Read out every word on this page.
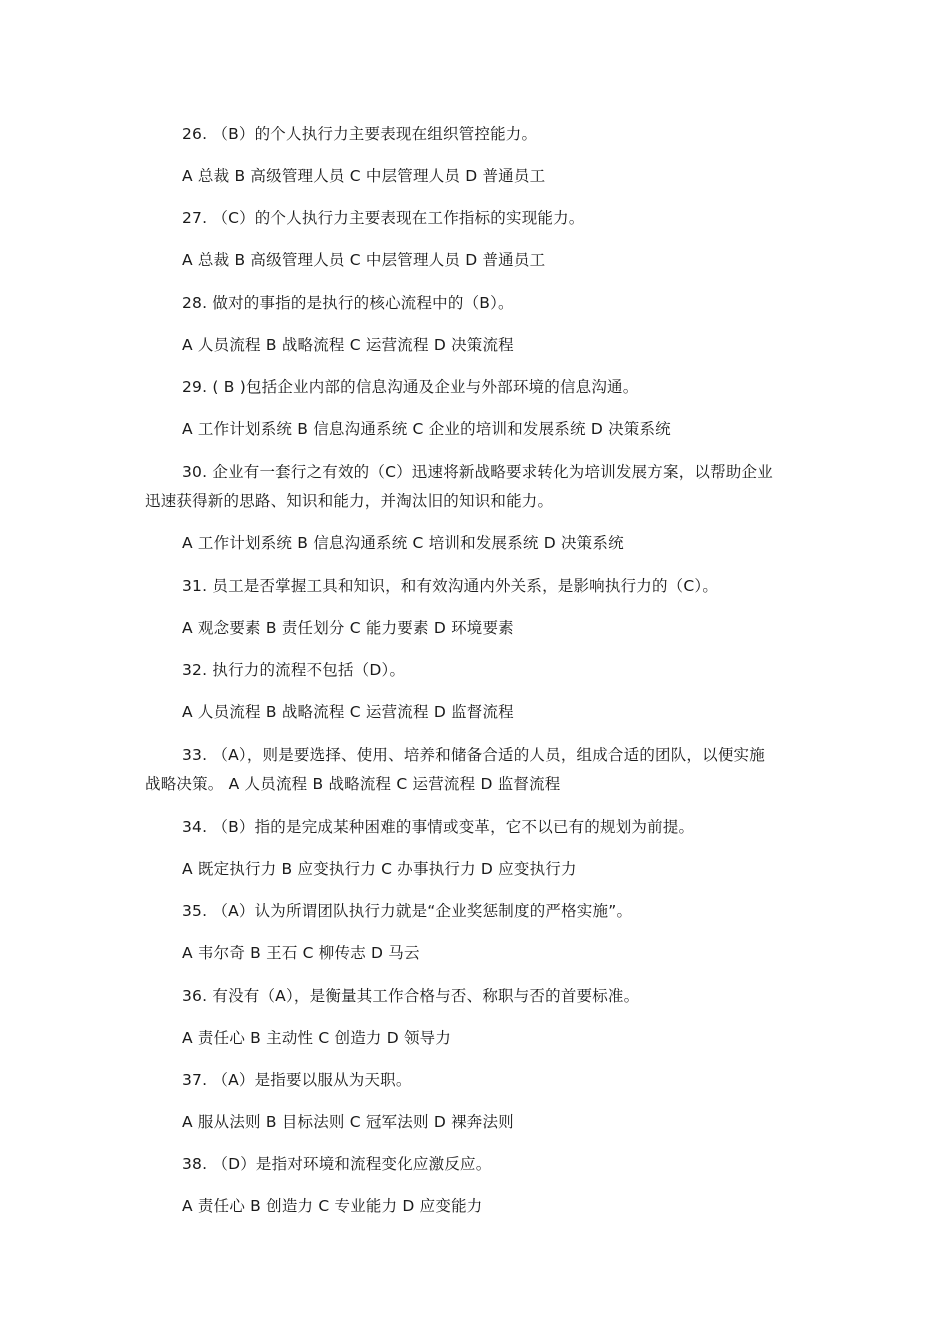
26. （B）的个人执行力主要表现在组织管控能力。
A 总裁 B 高级管理人员 C 中层管理人员 D 普通员工
27. （C）的个人执行力主要表现在工作指标的实现能力。
A 总裁 B 高级管理人员 C 中层管理人员 D 普通员工
28. 做对的事指的是执行的核心流程中的（B）。
A 人员流程 B 战略流程 C 运营流程 D 决策流程
29. ( B )包括企业内部的信息沟通及企业与外部环境的信息沟通。
A 工作计划系统 B 信息沟通系统 C 企业的培训和发展系统 D 决策系统
30. 企业有一套行之有效的（C）迅速将新战略要求转化为培训发展方案，以帮助企业
迅速获得新的思路、知识和能力，并淘汰旧的知识和能力。
A 工作计划系统 B 信息沟通系统 C 培训和发展系统 D 决策系统
31. 员工是否掌握工具和知识，和有效沟通内外关系，是影响执行力的（C）。
A 观念要素 B 责任划分 C 能力要素 D 环境要素
32. 执行力的流程不包括（D）。
A 人员流程 B 战略流程 C 运营流程 D 监督流程
33. （A），则是要选择、使用、培养和储备合适的人员，组成合适的团队，以便实施
战略决策。 A 人员流程 B 战略流程 C 运营流程 D 监督流程
34. （B）指的是完成某种困难的事情或变革，它不以已有的规划为前提。
A 既定执行力 B 应变执行力 C 办事执行力 D 应变执行力
35. （A）认为所谓团队执行力就是“企业奖惩制度的严格实施”。
A 韦尔奇 B 王石 C 柳传志 D 马云
36. 有没有（A），是衡量其工作合格与否、称职与否的首要标准。
A 责任心 B 主动性 C 创造力 D 领导力
37. （A）是指要以服从为天职。
A 服从法则 B 目标法则 C 冠军法则 D 裸奔法则
38. （D）是指对环境和流程变化应激反应。
A 责任心 B 创造力 C 专业能力 D 应变能力
